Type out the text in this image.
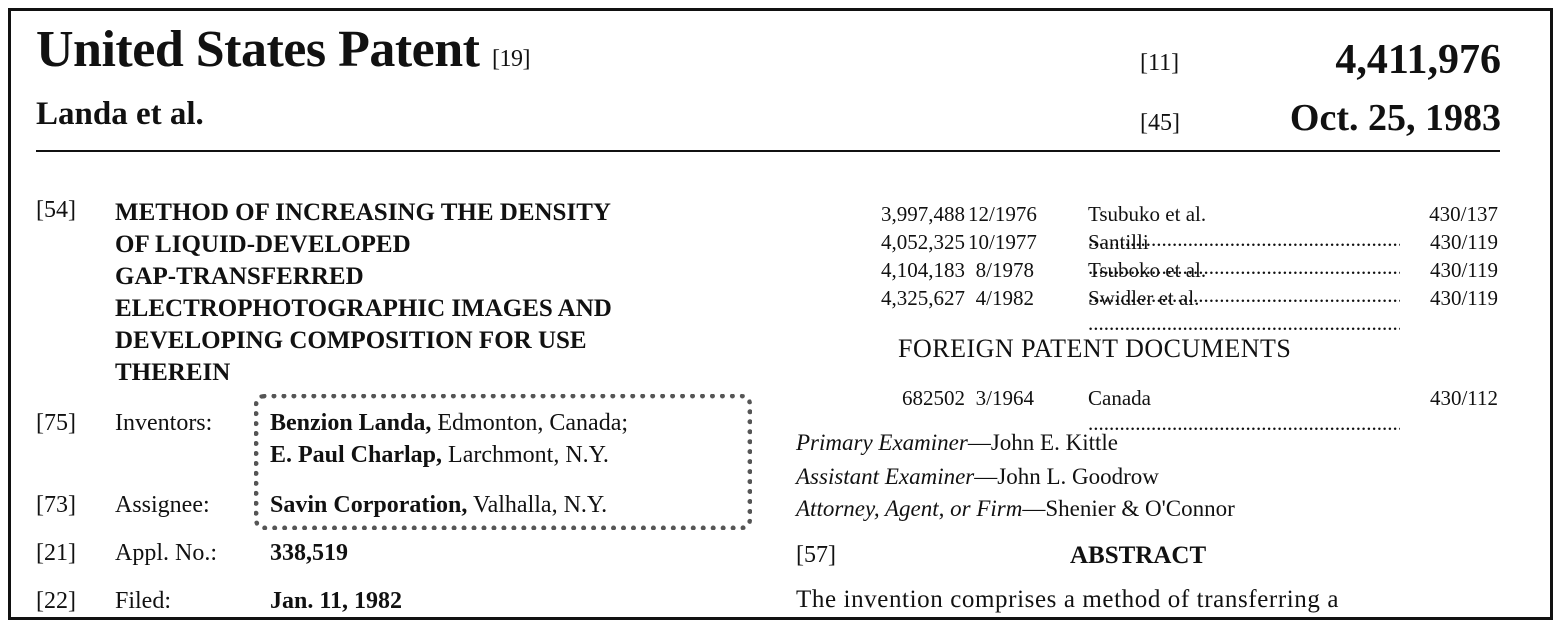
United States Patent [19]
Landa et al.
[11]	4,411,976
[45]	Oct. 25, 1983
[54] METHOD OF INCREASING THE DENSITY
OF LIQUID-DEVELOPED
GAP-TRANSFERRED
ELECTROPHOTOGRAPHIC IMAGES AND
DEVELOPING COMPOSITION FOR USE
THEREIN
[75] Inventors: Benzion Landa, Edmonton, Canada;
E. Paul Charlap, Larchmont, N.Y.
[73] Assignee:	Savin Corporation, Valhalla, N.Y.
[21] Appl. No.: 338,519
[22] Filed:	Jan. 11, 1982
3,997,488 12/1976 Tsubuko et al. .....	430/137
4,052,325 10/1977 Santilli .....	430/119
4,104,183 8/1978	Tsuboko et al. .....	430/119
4,325,627 4/1982	Swidler et al. .....	430/119
FOREIGN PATENT DOCUMENTS
682502 3/1964	Canada .....	430/112
Primary Examiner—John E. Kittle
Assistant Examiner—John L. Goodrow
Attorney, Agent, or Firm—Shenier & O'Connor
[57]	ABSTRACT
The invention comprises a method of transferring a
